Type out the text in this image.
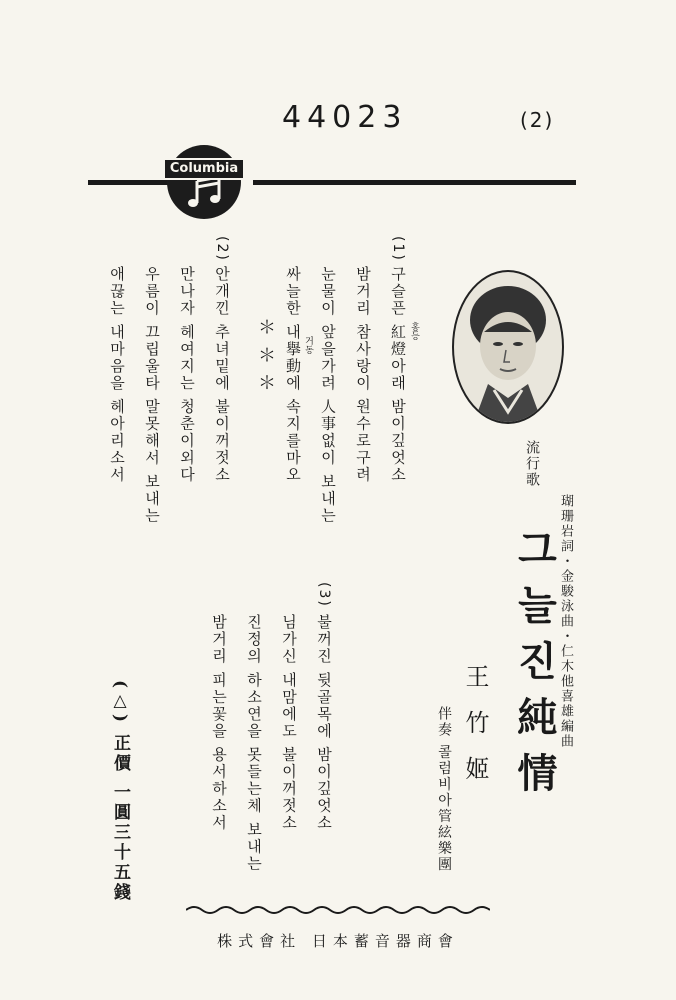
44023	(2)
Columbia
(1)
구슬픈 紅燈아래 밤이깊엇소
밤거리 참사랑이 원수로구려
눈물이 앞을가려 人事없이 보내는
싸늘한 내擧動에 속지를마오
＊ ＊ ＊
(2)
안개낀 추녀밑에 불이꺼젓소
만나자 헤여지는 청춘이외다
우름이 끄립울타 말못해서 보내는
애끊는 내마음을 헤아리소서
(3)
불꺼진 뒷골목에 밤이깊엇소
님가신 내맘에도 불이꺼젓소
진정의 하소연을 못들는체 보내는
밤거리 피는꽃을 용서하소서
流行歌
瑚珊岩詞・金駿泳曲・仁木他喜雄編曲
그늘진純情
王竹姬
伴奏 콜럼비아管絃樂團
(△) 正價 一圓三十五錢
株式會社 日本蓄音器商會
홍등
거동
